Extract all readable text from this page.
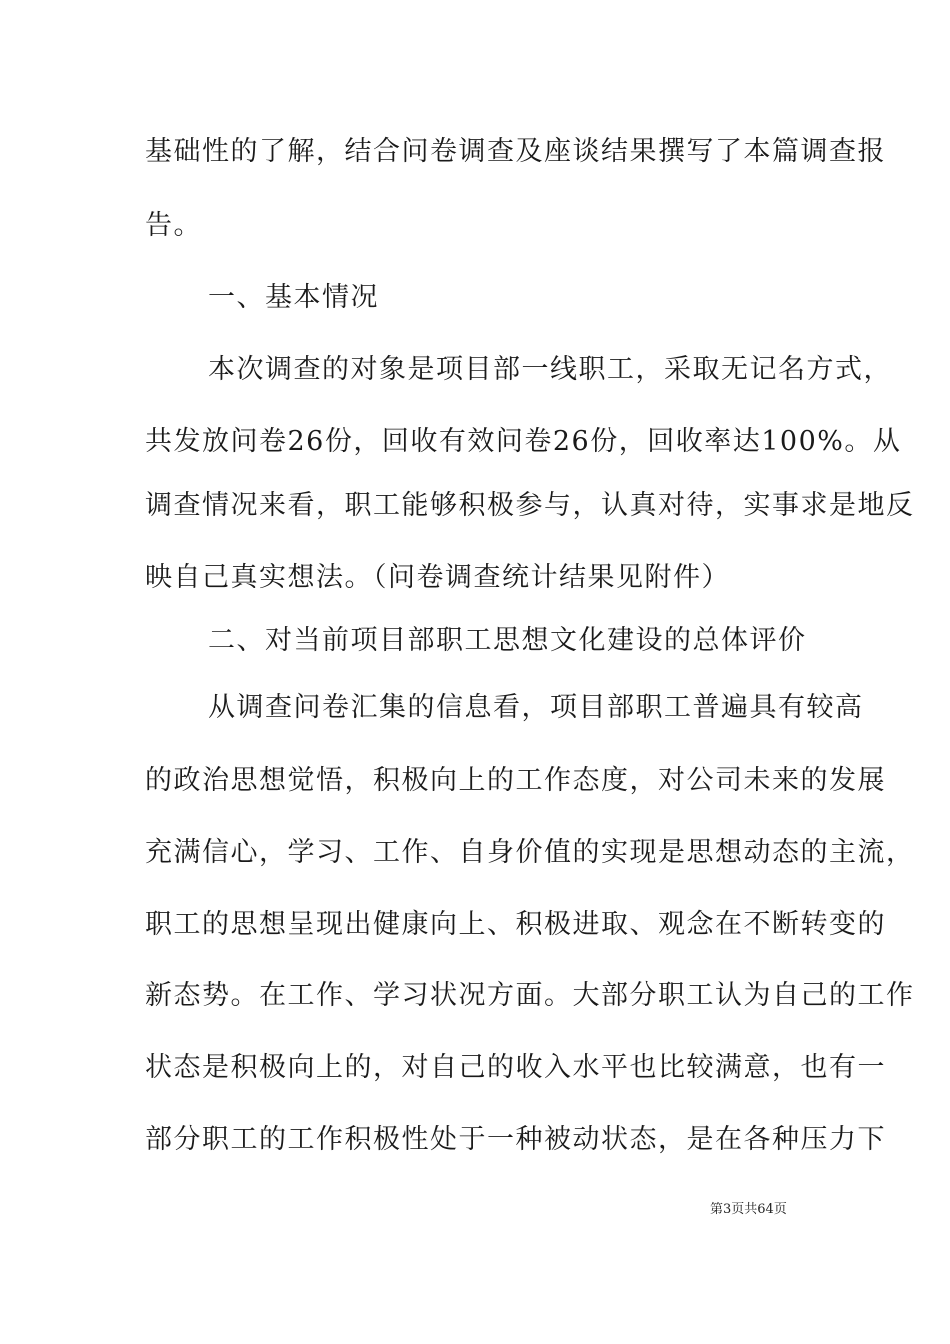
基础性的了解，结合问卷调查及座谈结果撰写了本篇调查报
告。
一、基本情况
本次调查的对象是项目部一线职工，采取无记名方式，
共发放问卷26份，回收有效问卷26份，回收率达100%。从
调查情况来看，职工能够积极参与，认真对待，实事求是地反
映自己真实想法。（问卷调查统计结果见附件）
二、对当前项目部职工思想文化建设的总体评价
从调查问卷汇集的信息看，项目部职工普遍具有较高
的政治思想觉悟，积极向上的工作态度，对公司未来的发展
充满信心，学习、工作、自身价值的实现是思想动态的主流，
职工的思想呈现出健康向上、积极进取、观念在不断转变的
新态势。在工作、学习状况方面。大部分职工认为自己的工作
状态是积极向上的，对自己的收入水平也比较满意，也有一
部分职工的工作积极性处于一种被动状态，是在各种压力下
第3页共64页
